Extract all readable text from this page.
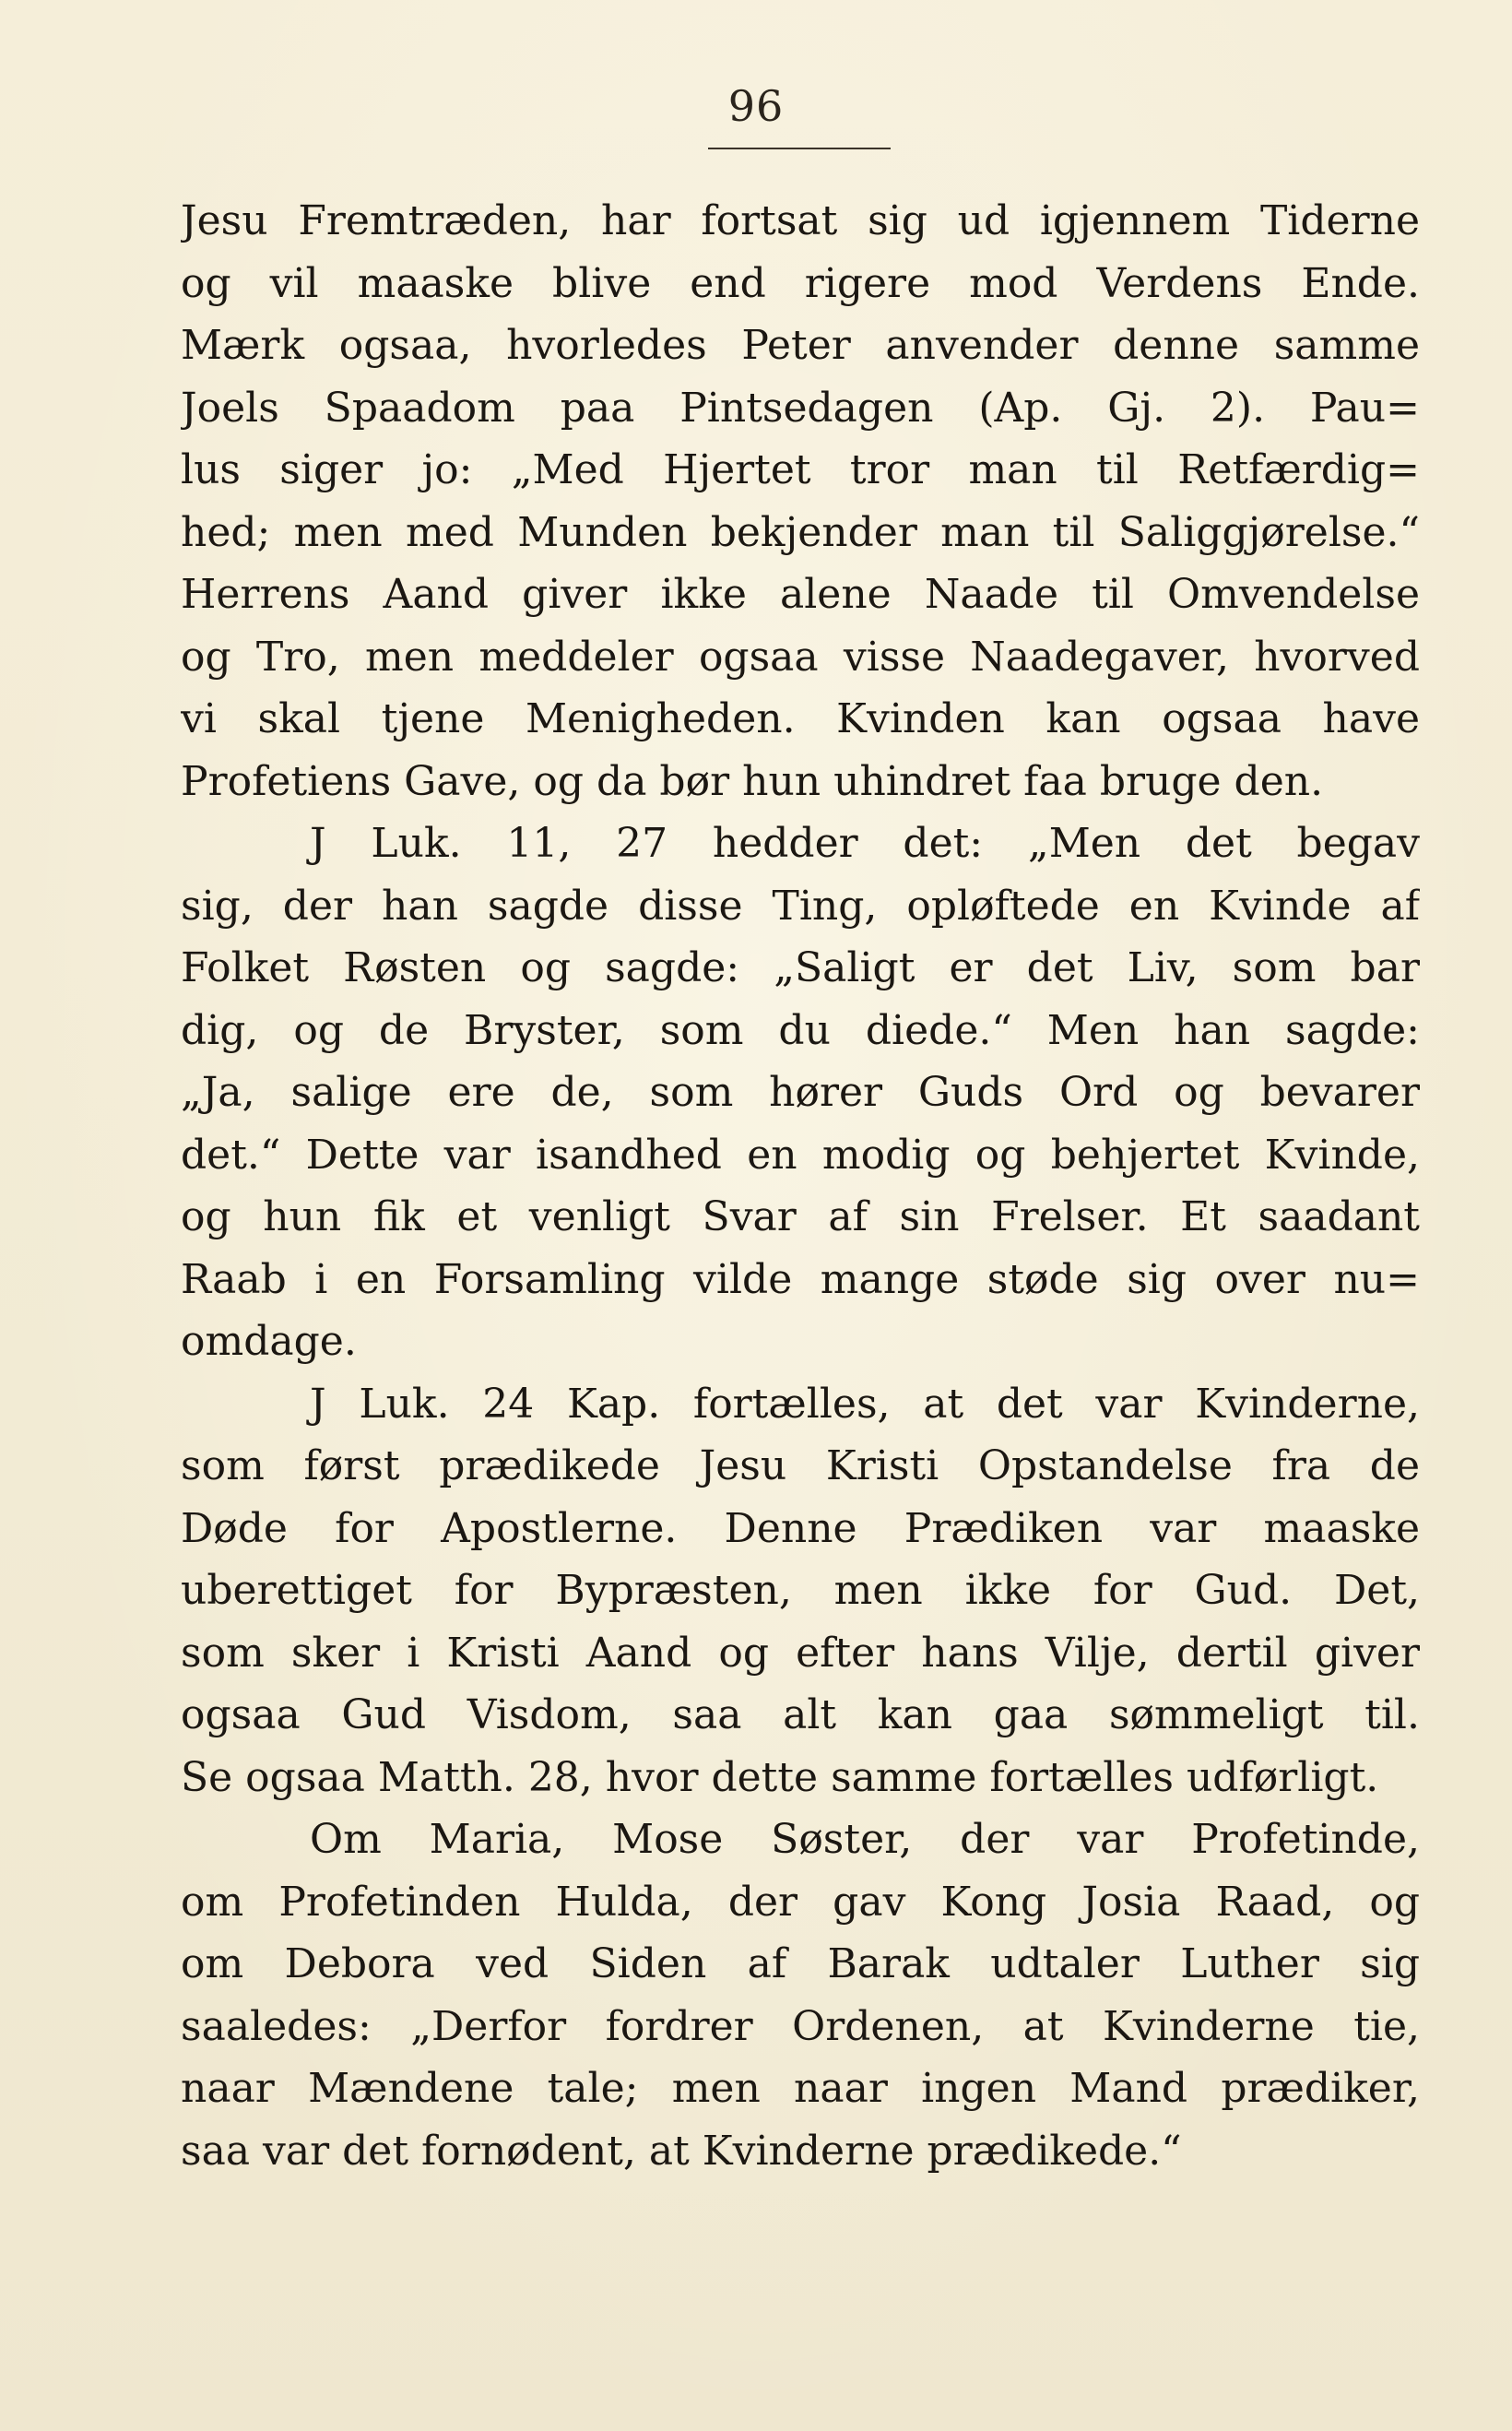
96
Jesu Fremtræden, har fortsat sig ud igjennem Tiderne
og vil maaske blive end rigere mod Verdens Ende.
Mærk ogsaa, hvorledes Peter anvender denne samme
Joels Spaadom paa Pintsedagen (Ap. Gj. 2). Pau=
lus siger jo: „Med Hjertet tror man til Retfærdig=
hed; men med Munden bekjender man til Saliggjørelse.“
Herrens Aand giver ikke alene Naade til Omvendelse
og Tro, men meddeler ogsaa visse Naadegaver, hvorved
vi skal tjene Menigheden. Kvinden kan ogsaa have
Profetiens Gave, og da bør hun uhindret faa bruge den.
J Luk. 11, 27 hedder det: „Men det begav
sig, der han sagde disse Ting, opløftede en Kvinde af
Folket Røsten og sagde: „Saligt er det Liv, som bar
dig, og de Bryster, som du diede.“ Men han sagde:
„Ja, salige ere de, som hører Guds Ord og bevarer
det.“ Dette var isandhed en modig og behjertet Kvinde,
og hun fik et venligt Svar af sin Frelser. Et saadant
Raab i en Forsamling vilde mange støde sig over nu=
omdage.
J Luk. 24 Kap. fortælles, at det var Kvinderne,
som først prædikede Jesu Kristi Opstandelse fra de
Døde for Apostlerne. Denne Prædiken var maaske
uberettiget for Bypræsten, men ikke for Gud. Det,
som sker i Kristi Aand og efter hans Vilje, dertil giver
ogsaa Gud Visdom, saa alt kan gaa sømmeligt til.
Se ogsaa Matth. 28, hvor dette samme fortælles udførligt.
Om Maria, Mose Søster, der var Profetinde,
om Profetinden Hulda, der gav Kong Josia Raad, og
om Debora ved Siden af Barak udtaler Luther sig
saaledes: „Derfor fordrer Ordenen, at Kvinderne tie,
naar Mændene tale; men naar ingen Mand prædiker,
saa var det fornødent, at Kvinderne prædikede.“
